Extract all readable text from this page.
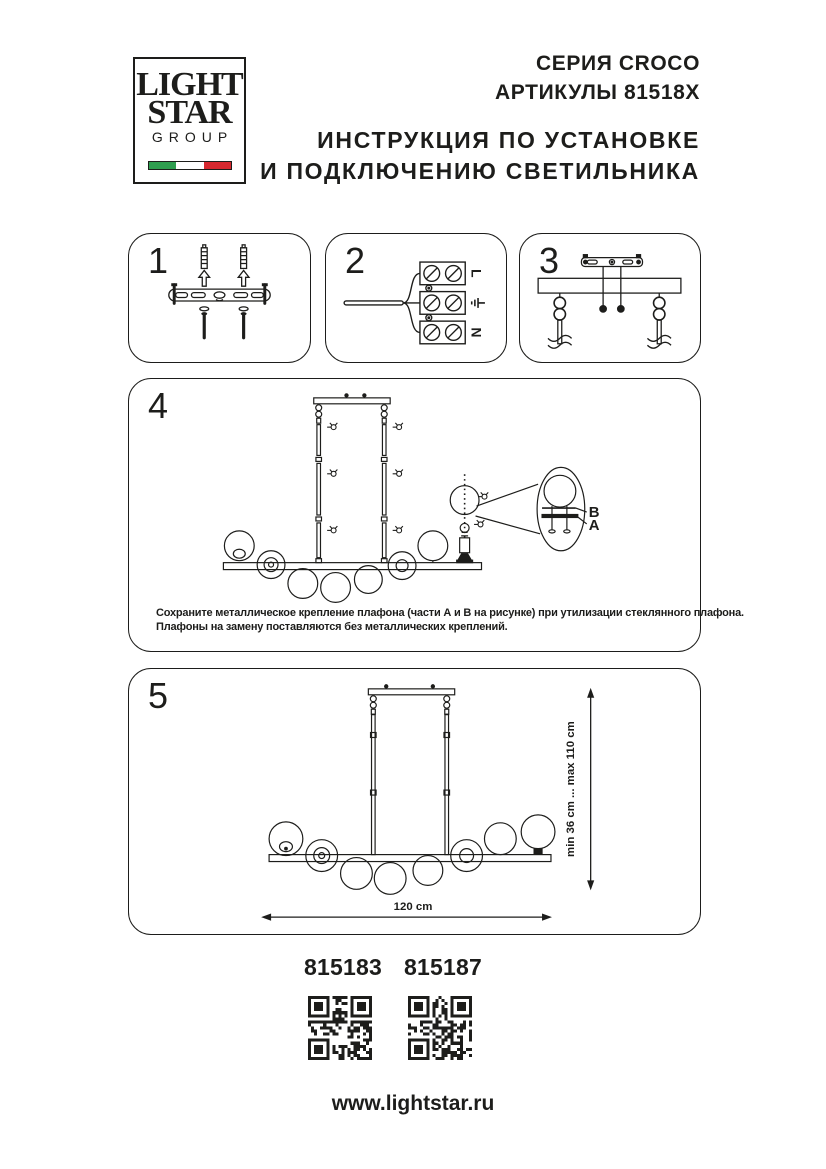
LIGHT
STAR
GROUP
СЕРИЯ CROCO
АРТИКУЛЫ 81518X
ИНСТРУКЦИЯ ПО УСТАНОВКЕ
И ПОДКЛЮЧЕНИЮ СВЕТИЛЬНИКА
1	2	L
N
3
4
B
A
Сохраните металлическое крепление плафона (части А и В на рисунке) при утилизации стеклянного плафона.
Плафоны на замену поставляются без металлических креплений.
5
min 36 cm ... max 110 cm
120 cm
815183 815187
www.lightstar.ru
